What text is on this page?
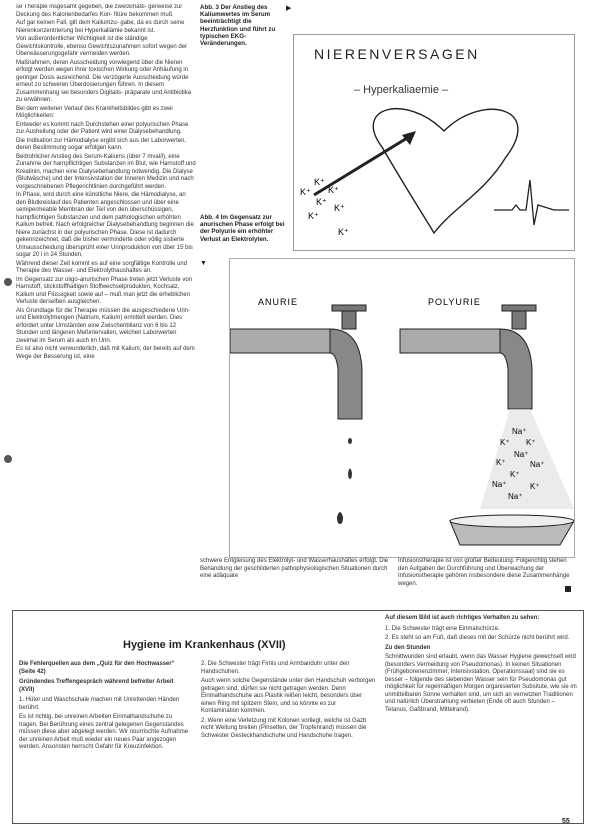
se Therapie insgesamt gegeben, die zweckmäßi- gerweise zur Deckung des Kalorienbedarfes Kon- fitüre bekommen muß

Auf gar keinen Fall, gilt dem Kaliumzu- gabe, da es durch seine Nierenkonzentrierung bei Hyperkaliämie bekannt ist.

Von außerordentlicher Wichtigkeit ist die ständige Gewichtskontrolle, ebenso Gewichtszunahmen sofort wegen der Überwässerungsgefahr vermeiden werden.

Maßnahmen, deren Ausscheidung vorwiegend über die Nieren erfolgt werden wegen ihrer toxischen Wirkung oder Anhäufung in geringer Dosis ausreichend. Die verzögerte Ausscheidung würde erneut zu schweren Überdosierungen führen. In diesem Zusammenhang sei besonders Digitalis- präparate und Antibiotika zu erwähnen.

Bei dem weiteren Verlauf des Krankheitsbildes gibt es zwei Möglichkeiten:

Entweder es kommt nach Durchstehen einer polyurischen Phase zur Ausheilung oder der Patient wird einer Dialysebehandlung.

Die Indikation zur Hämodialyse ergibt sich aus der Laborwerten, deren Bestimmung sogar erfolgen kann.

Bedrohlicher Anstieg des Serum-Kaliums (über 7 mval/l), eine Zunahme der harnpflichtigen Substanzen im Blut, wie Harnstoff und Kreatinin, machen eine Dialysebehandlung notwendig. Die Dialyse (Blutwäsche) und der Intensivstation der Inneren Medizin und nach vorgeschriebenen Pflegerichtlinien durchgeführt werden.

In Phase, wird durch eine künstliche Niere, die Hämodialyse, an den Blutkreislauf des Patienten angeschlossen und über eine semipermeable Membran der Teil von den überschüssigen, harnpflichtigen Substanzen und dem pathologischen erhöhten Kalium befreit. Nach erfolgreicher Dialysebehandlung beginnen die Niere zunächst in der polyurischen Phase. Diese ist dadurch gekennzeichnet, daß die bisher verminderte oder völlig sistierte Urinausscheidung übersprüht einer Urinproduktion von über 15 bis sogar 20 l in 24 Stunden.

Während dieser Zeit kommt es auf eine sorgfältige Kontrolle und Therapie des Wasser- und Elektrolythaushaltes an.

Im Gegensatz zur oligo-anurischen Phase treten jetzt Verluste von Harnstoff, stickstoffhaltigen Stoffwechselprodukten, Kochsalz, Kalium und Flüssigkeit sowie auf – muß man jetzt die erheblichen Verluste derselben ausgleichen.

Als Grundlage für die Therapie müssen die ausgeschiedene Urin- und Elektrolytmengen (Natrium, Kalium) ermittelt werden. Dies erfordert unter Umständen eine Zwischenbilanz von 6 bis 12 Stunden und längeren Meßintervallen, welchen Laborwerten zweimal im Serum als auch im Urin.

Es ist also nicht verwunderlich, daß mit Kalium, der bereits auf dem Wege der Besserung ist, eine

Abb. 3 Der Anstieg des Kaliumwertes im Serum beeinträchtigt die Herzfunktion und führt zu typischen EKG-Veränderungen.
▶
NIERENVERSAGEN
– Hyperkaliaemie –
K⁺
K⁺
K⁺
K⁺
K⁺
K⁺
K⁺
Abb. 4 Im Gegensatz zur anurischen Phase erfolgt bei der Polyurie ein erhöhter Verlust an Elektrolyten.
▼
ANURIE	POLYURIE
Na⁺
K⁺ K⁺
Na⁺
K⁺	Na⁺
K⁺
Na⁺	K⁺
Na⁺
schwere Entgleisung des Elektrolyt- und Wasserhaushaltes erfolgt. Die Behandlung der geschilderten pathophysiologischen Situationen durch eine adäquate
Infusionstherapie ist von großer Bedeutung. Folgerichtig stehen den Aufgaben der Durchführung und Überwachung der Infusionstherapie gehören insbesondere diese Zusammenhänge wegen.
Hygiene im Krankenhaus (XVII)
Die Fehlerquellen aus dem „Quiz für den Hochwasser“ (Seite 42)
Gründendes Treffengespräch während befreiter Arbeit (XVII)
1. Hüter und Waschschale machen mit Unrettenden Händen berührt.
Es ist richtig, bei unreinen Arbeiten Einmalhandschuhe zu tragen. Bei Berührung eines zentral gelegenen Gegenstandes müssen diese aber abgelegt werden. Wir nourrischte Aufnahme der unreinen Arbeit muß wieder ein neues Paar angezogen werden. Ansonsten herrscht Gefahr für Kreuzinfektion.
2. Die Schwester trägt Firnis und Armbanduhr unter den Handschuhen.
Auch wenn solche Gegenstände unter den Handschuh verborgen getragen sind, dürfen sie nicht getragen werden. Denn Einmalhandschuhe aus Plastik reißen leicht, besonders über einen Ring mit spitzem Stein, und so könnte es zur Kontamination kommen.
2. Wenn eine Verletzung mit Kolonen vorliegt, welche ist Gazb nicht Weitung breiten (Pinsetten, der Tropfenrand) müssen die Schwester Gesteckhandschuhe und Handschuhe tragen.
Auf diesem Bild ist auch richtiges Verhalten zu sehen:
1. Die Schwester trägt eine Einmalschürze.
2. Es steht so am Fuß, daß dieses mit der Schürze nicht berührt wird.
Zu den Stunden
Schnittwunden sind erlaubt, wenn das Wasser Hygiene gewechselt wird (besonders Vermeidung von Pseudomonas). In keinen Situationen (Frühgeborenenzimmer, Intensivstation, Operationssaal) sind sie es besser – folgende des siebenden Wasser sein für Pseudomonas gut möglichkeit für regelmäßigen Morgen organisierten Subsitute, wie sie im unmittelbaren Sonne verhalten sind, um sich an vernetzten Traditionen und natürlich Überstrahlung verbieten (Ende oft auch Stunden – Tetanus, Gaßbrand, Mittelrand).
55
